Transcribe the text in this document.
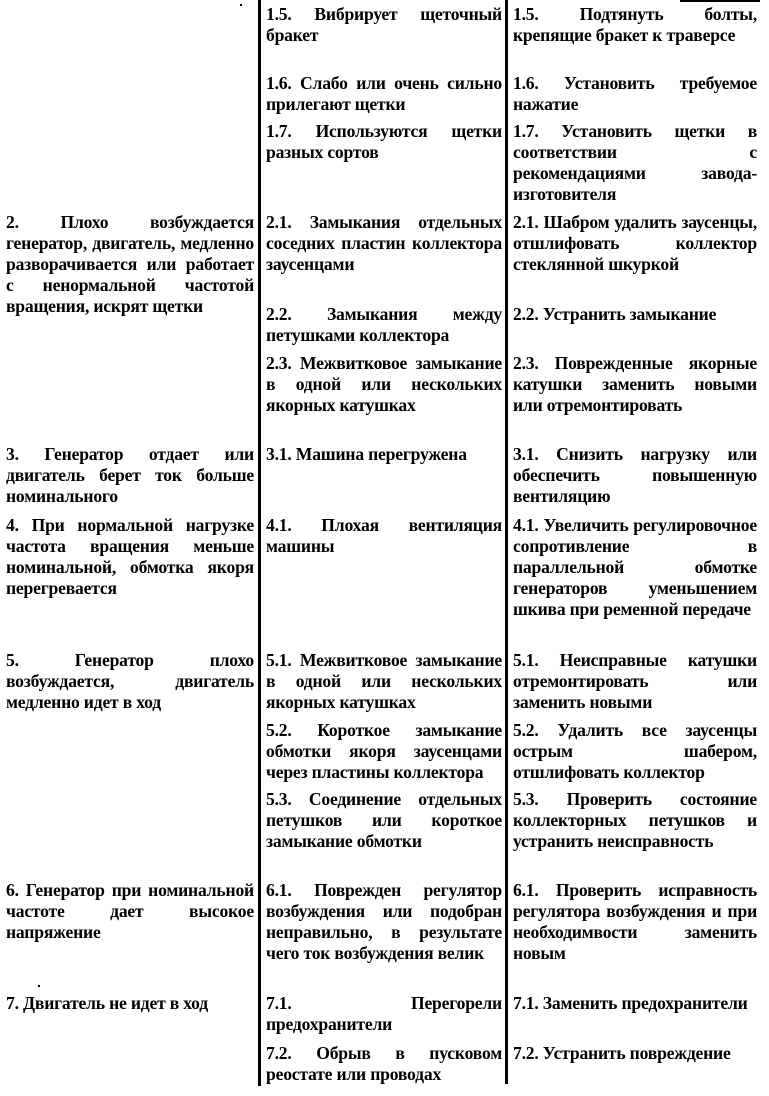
1.5. Вибрирует щеточный бракет
1.5. Подтянуть болты, крепящие бракет к траверсе
1.6. Слабо или очень сильно прилегают щетки
1.6. Установить требуемое нажатие
1.7. Используются щетки разных сортов
1.7. Установить щетки в соответствии с рекомендациями завода-изготовителя
2. Плохо возбуждается генератор, двигатель, медленно разворачивается или работает с ненормальной частотой вращения, искрят щетки
2.1. Замыкания отдельных соседних пластин коллектора заусенцами
2.1. Шабром удалить заусенцы, отшлифовать коллектор стеклянной шкуркой
2.2. Замыкания между петушками коллектора
2.2. Устранить замыкание
2.3. Межвитковое замыкание в одной или нескольких якорных катушках
2.3. Поврежденные якорные катушки заменить новыми или отремонтировать
3. Генератор отдает или двигатель берет ток больше номинального
3.1. Машина перегружена	3.1. Снизить нагрузку или обеспечить повышенную вентиляцию
4. При нормальной нагрузке частота вращения меньше номинальной, обмотка якоря перегревается
4.1. Плохая вентиляция машины
4.1. Увеличить регулировочное сопротивление в параллельной обмотке генераторов уменьшением шкива при ременной передаче
5. Генератор плохо возбуждается, двигатель медленно идет в ход
5.1. Межвитковое замыкание в одной или нескольких якорных катушках
5.1. Неисправные катушки отремонтировать или заменить новыми
5.2. Короткое замыкание обмотки якоря заусенцами через пластины коллектора
5.2. Удалить все заусенцы острым шабером, отшлифовать коллектор
5.3. Соединение отдельных петушков или короткое замыкание обмотки
5.3. Проверить состояние коллекторных петушков и устранить неисправность
6. Генератор при номинальной частоте дает высокое напряжение
6.1. Поврежден регулятор возбуждения или подобран неправильно, в результате чего ток возбуждения велик
6.1. Проверить исправность регулятора возбуждения и при необходимвости заменить новым
7. Двигатель не идет в ход	7.1. Перегорели предохранители
7.1. Заменить предохранители
7.2. Обрыв в пусковом реостате или проводах
7.2. Устранить повреждение
